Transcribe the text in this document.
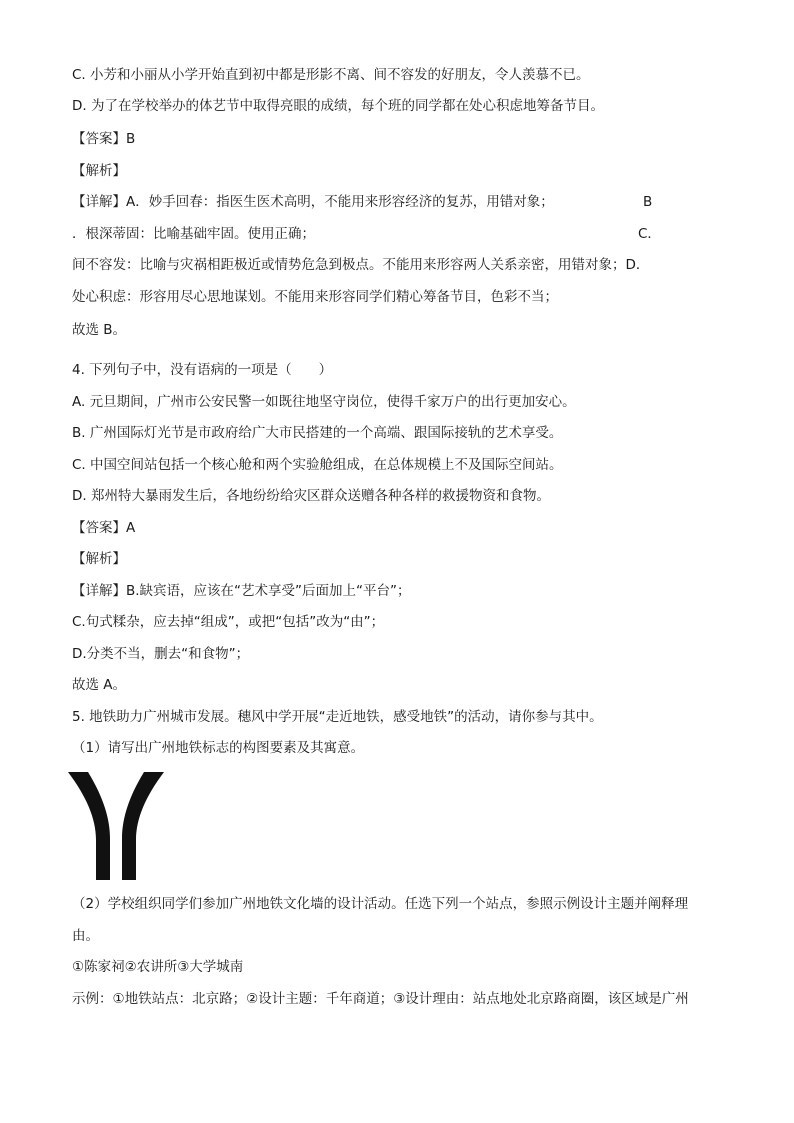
C. 小芳和小丽从小学开始直到初中都是形影不离、间不容发的好朋友，令人羡慕不已。
D. 为了在学校举办的体艺节中取得亮眼的成绩，每个班的同学都在处心积虑地筹备节目。
【答案】B
【解析】
【详解】A．妙手回春：指医生医术高明，不能用来形容经济的复苏，用错对象；	B
．根深蒂固：比喻基础牢固。使用正确；	C．
间不容发：比喻与灾祸相距极近或情势危急到极点。不能用来形容两人关系亲密，用错对象；D．
处心积虑：形容用尽心思地谋划。不能用来形容同学们精心筹备节目，色彩不当；
故选 B。
4. 下列句子中，没有语病的一项是（　　）
A. 元旦期间，广州市公安民警一如既往地坚守岗位，使得千家万户的出行更加安心。
B. 广州国际灯光节是市政府给广大市民搭建的一个高端、跟国际接轨的艺术享受。
C. 中国空间站包括一个核心舱和两个实验舱组成，在总体规模上不及国际空间站。
D. 郑州特大暴雨发生后，各地纷纷给灾区群众送赠各种各样的救援物资和食物。
【答案】A
【解析】
【详解】B.缺宾语，应该在“艺术享受”后面加上“平台”；
C.句式糅杂，应去掉“组成”，或把“包括”改为“由”；
D.分类不当，删去“和食物”；
故选 A。
5. 地铁助力广州城市发展。穗风中学开展“走近地铁，感受地铁”的活动，请你参与其中。
（1）请写出广州地铁标志的构图要素及其寓意。
（2）学校组织同学们参加广州地铁文化墙的设计活动。任选下列一个站点，参照示例设计主题并阐释理
由。
①陈家祠②农讲所③大学城南
示例：①地铁站点：北京路；②设计主题：千年商道；③设计理由：站点地处北京路商圈，该区域是广州
